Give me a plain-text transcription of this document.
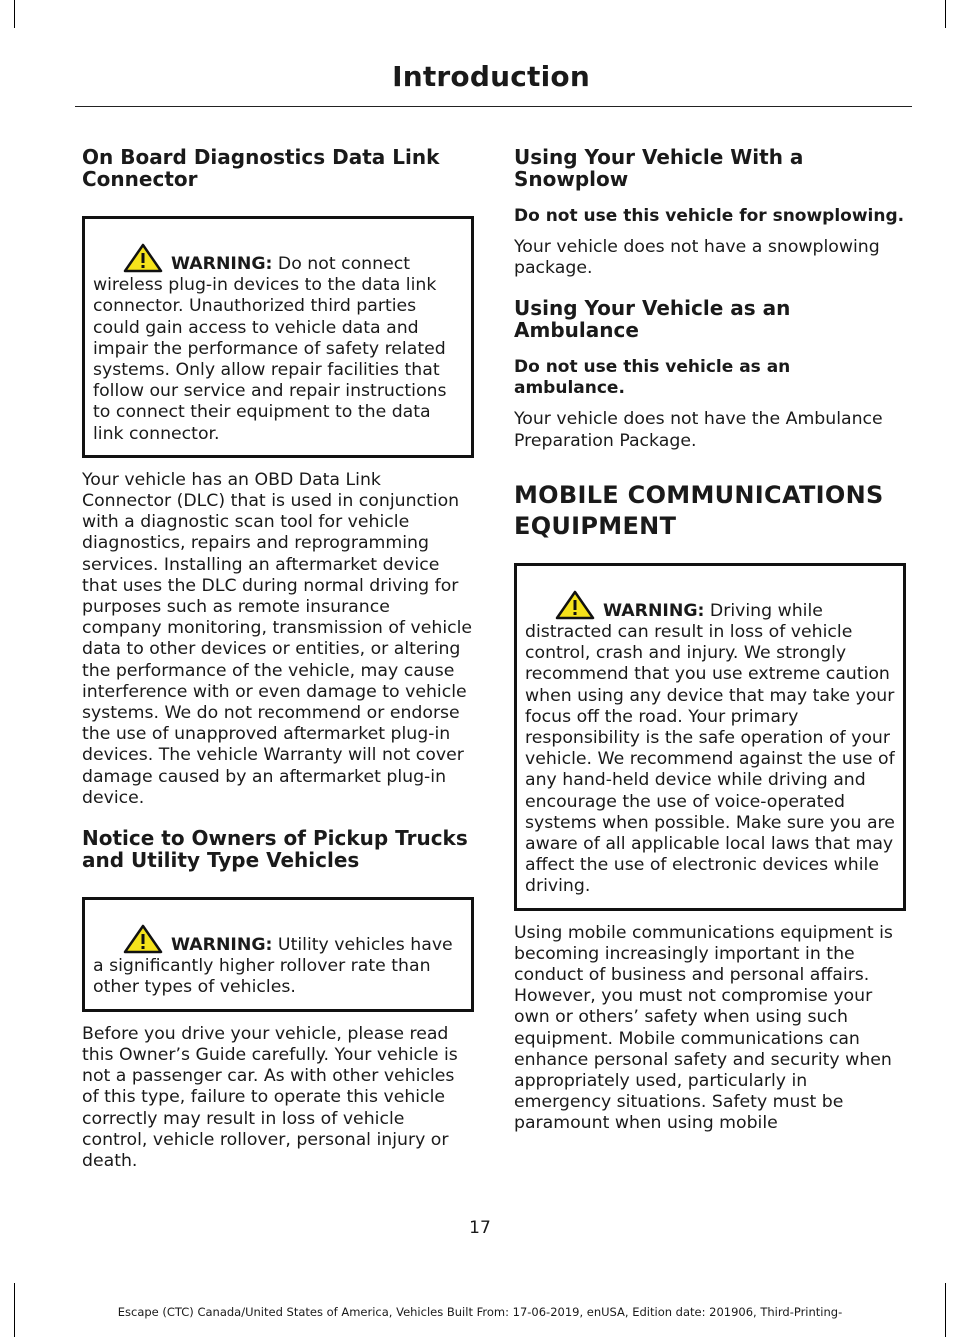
Introduction
On Board Diagnostics Data Link Connector

WARNING: Do not connect wireless plug-in devices to the data link connector. Unauthorized third parties could gain access to vehicle data and impair the performance of safety related systems. Only allow repair facilities that follow our service and repair instructions to connect their equipment to the data link connector.

Your vehicle has an OBD Data Link Connector (DLC) that is used in conjunction with a diagnostic scan tool for vehicle diagnostics, repairs and reprogramming services. Installing an aftermarket device that uses the DLC during normal driving for purposes such as remote insurance company monitoring, transmission of vehicle data to other devices or entities, or altering the performance of the vehicle, may cause interference with or even damage to vehicle systems. We do not recommend or endorse the use of unapproved aftermarket plug-in devices. The vehicle Warranty will not cover damage caused by an aftermarket plug-in device.

Notice to Owners of Pickup Trucks and Utility Type Vehicles

WARNING: Utility vehicles have a significantly higher rollover rate than other types of vehicles.

Before you drive your vehicle, please read this Owner’s Guide carefully. Your vehicle is not a passenger car. As with other vehicles of this type, failure to operate this vehicle correctly may result in loss of vehicle control, vehicle rollover, personal injury or death.

Using Your Vehicle With a Snowplow
Do not use this vehicle for snowplowing.

Your vehicle does not have a snowplowing package.

Using Your Vehicle as an Ambulance
Do not use this vehicle as an ambulance.

Your vehicle does not have the Ambulance Preparation Package.

MOBILE COMMUNICATIONS
EQUIPMENT

WARNING: Driving while distracted can result in loss of vehicle control, crash and injury. We strongly recommend that you use extreme caution when using any device that may take your focus off the road. Your primary responsibility is the safe operation of your vehicle. We recommend against the use of any hand-held device while driving and encourage the use of voice-operated systems when possible. Make sure you are aware of all applicable local laws that may affect the use of electronic devices while driving.

Using mobile communications equipment is becoming increasingly important in the conduct of business and personal affairs. However, you must not compromise your own or others’ safety when using such equipment. Mobile communications can enhance personal safety and security when appropriately used, particularly in emergency situations. Safety must be paramount when using mobile

17
Escape (CTC) Canada/United States of America, Vehicles Built From: 17-06-2019, enUSA, Edition date: 201906, Third-Printing-
